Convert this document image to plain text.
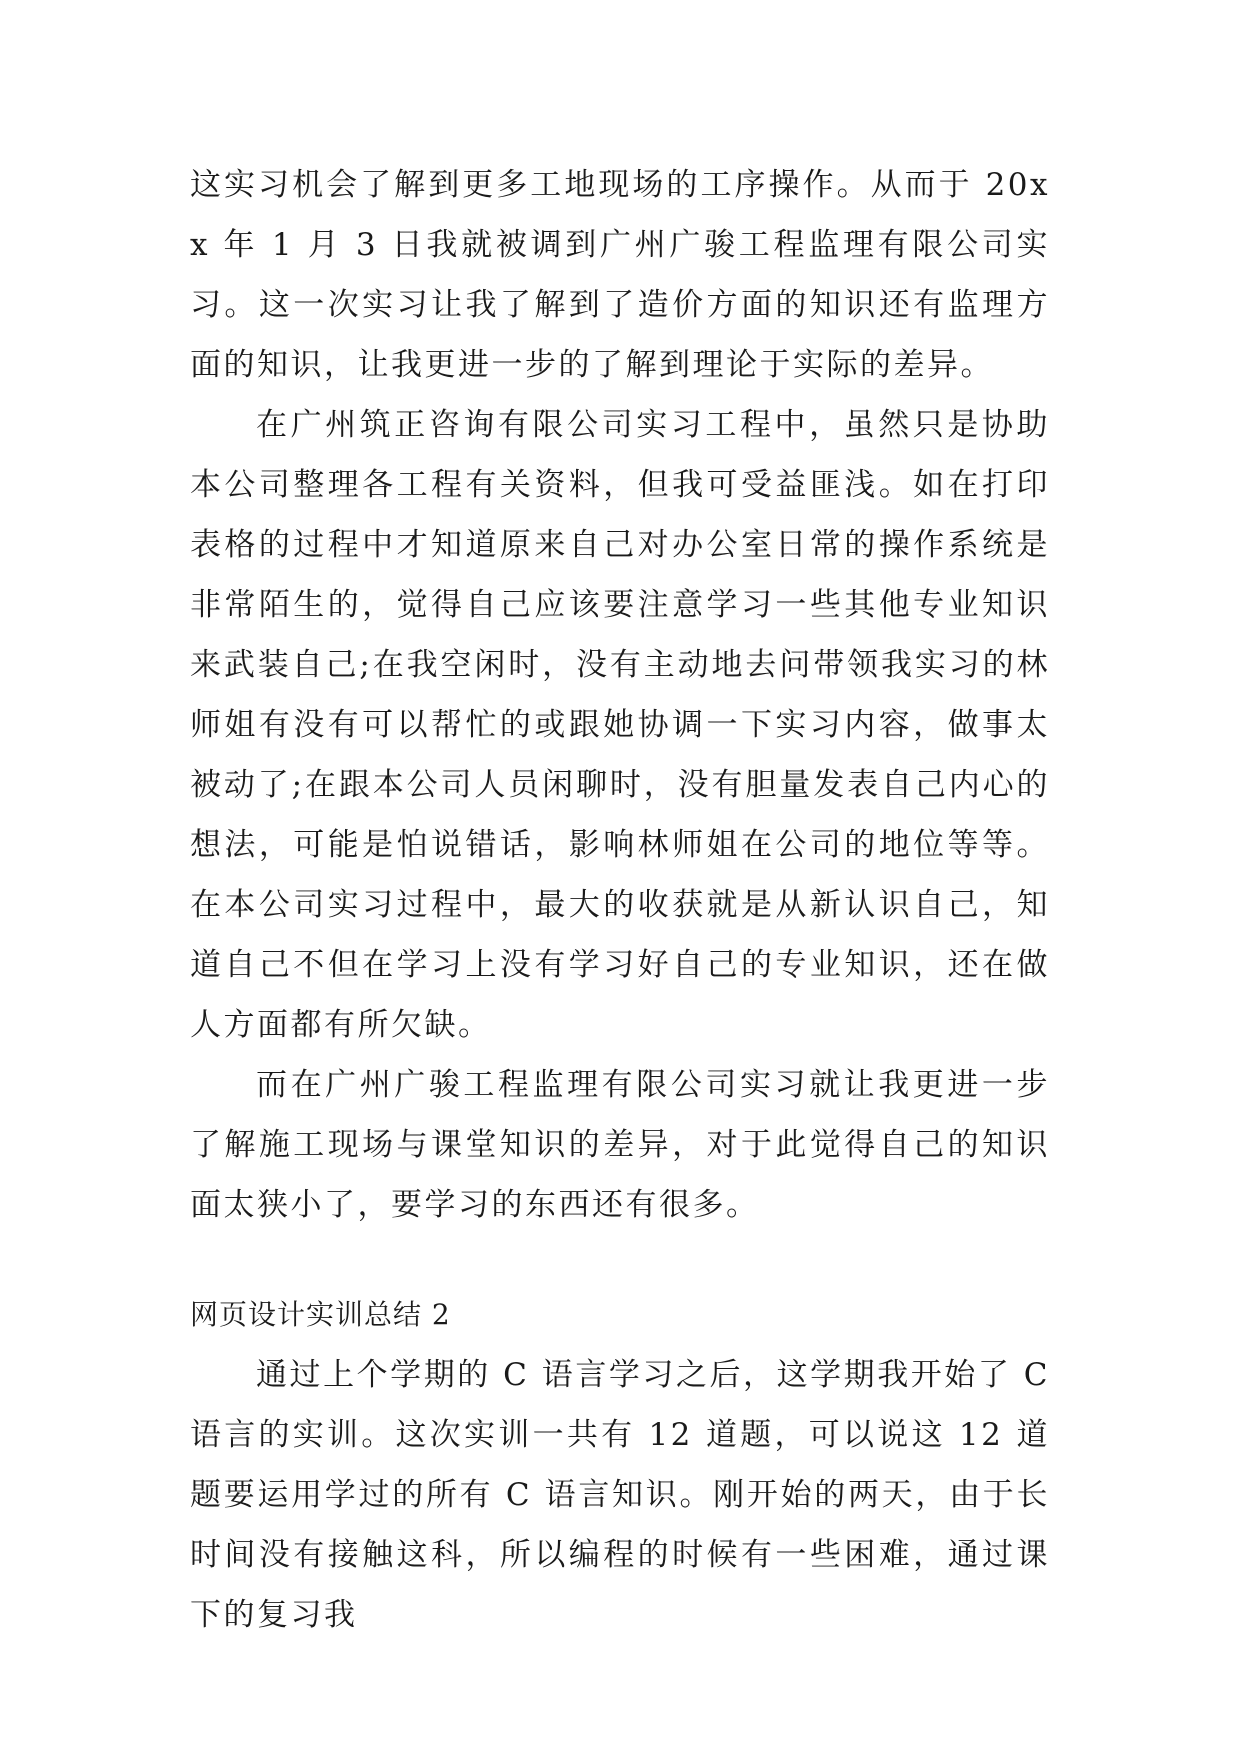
这实习机会了解到更多工地现场的工序操作。从而于 20xx 年 1 月 3 日我就被调到广州广骏工程监理有限公司实习。这一次实习让我了解到了造价方面的知识还有监理方面的知识，让我更进一步的了解到理论于实际的差异。

在广州筑正咨询有限公司实习工程中，虽然只是协助本公司整理各工程有关资料，但我可受益匪浅。如在打印表格的过程中才知道原来自己对办公室日常的操作系统是非常陌生的，觉得自己应该要注意学习一些其他专业知识来武装自己;在我空闲时，没有主动地去问带领我实习的林师姐有没有可以帮忙的或跟她协调一下实习内容，做事太被动了;在跟本公司人员闲聊时，没有胆量发表自己内心的想法，可能是怕说错话，影响林师姐在公司的地位等等。在本公司实习过程中，最大的收获就是从新认识自己，知道自己不但在学习上没有学习好自己的专业知识，还在做人方面都有所欠缺。

而在广州广骏工程监理有限公司实习就让我更进一步了解施工现场与课堂知识的差异，对于此觉得自己的知识面太狭小了，要学习的东西还有很多。

网页设计实训总结 2

通过上个学期的 C 语言学习之后，这学期我开始了 C 语言的实训。这次实训一共有 12 道题，可以说这 12 道题要运用学过的所有 C 语言知识。刚开始的两天，由于长时间没有接触这科，所以编程的时候有一些困难，通过课下的复习我
